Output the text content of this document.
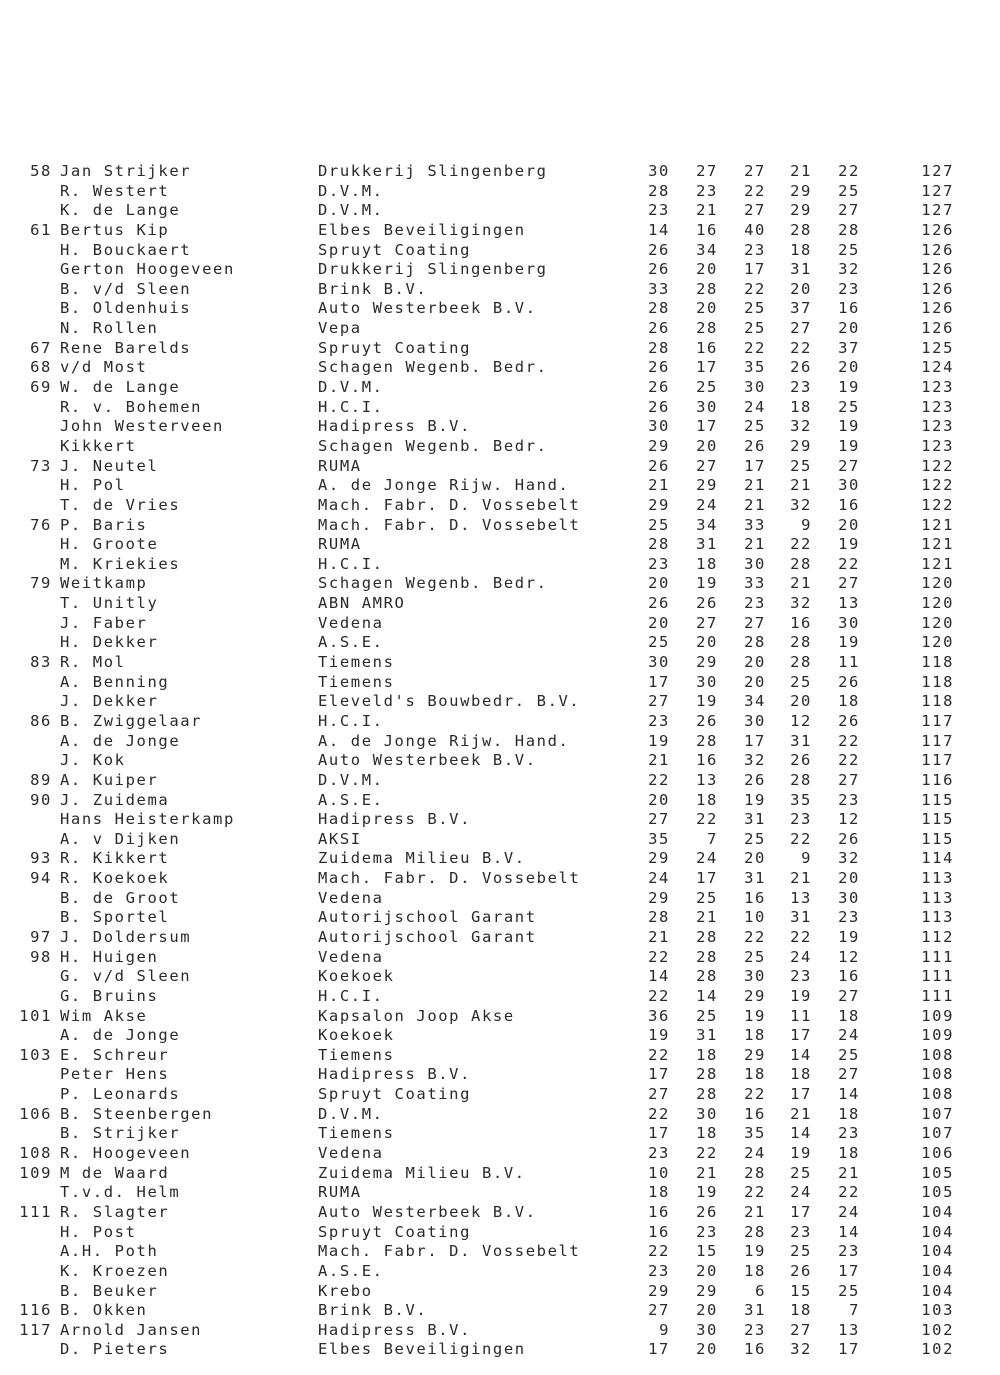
58 Jan Strijker	Drukkerij Slingenberg	30	27	27	21	22	127
R. Westert	D.V.M.	28	23	22	29	25	127
K. de Lange	D.V.M.	23	21	27	29	27	127
61 Bertus Kip	Elbes Beveiligingen	14	16	40	28	28	126
H. Bouckaert	Spruyt Coating	26	34	23	18	25	126
Gerton Hoogeveen	Drukkerij Slingenberg	26	20	17	31	32	126
B. v/d Sleen	Brink B.V.	33	28	22	20	23	126
B. Oldenhuis	Auto Westerbeek B.V.	28	20	25	37	16	126
N. Rollen	Vepa	26	28	25	27	20	126
67 Rene Barelds	Spruyt Coating	28	16	22	22	37	125
68 v/d Most	Schagen Wegenb. Bedr.	26	17	35	26	20	124
69 W. de Lange	D.V.M.	26	25	30	23	19	123
R. v. Bohemen	H.C.I.	26	30	24	18	25	123
John Westerveen	Hadipress B.V.	30	17	25	32	19	123
Kikkert	Schagen Wegenb. Bedr.	29	20	26	29	19	123
73 J. Neutel	RUMA	26	27	17	25	27	122
H. Pol	A. de Jonge Rijw. Hand.	21	29	21	21	30	122
T. de Vries	Mach. Fabr. D. Vossebelt	29	24	21	32	16	122
76 P. Baris	Mach. Fabr. D. Vossebelt	25	34	33	9	20	121
H. Groote	RUMA	28	31	21	22	19	121
M. Kriekies	H.C.I.	23	18	30	28	22	121
79 Weitkamp	Schagen Wegenb. Bedr.	20	19	33	21	27	120
T. Unitly	ABN AMRO	26	26	23	32	13	120
J. Faber	Vedena	20	27	27	16	30	120
H. Dekker	A.S.E.	25	20	28	28	19	120
83 R. Mol	Tiemens	30	29	20	28	11	118
A. Benning	Tiemens	17	30	20	25	26	118
J. Dekker	Eleveld's Bouwbedr. B.V.	27	19	34	20	18	118
86 B. Zwiggelaar	H.C.I.	23	26	30	12	26	117
A. de Jonge	A. de Jonge Rijw. Hand.	19	28	17	31	22	117
J. Kok	Auto Westerbeek B.V.	21	16	32	26	22	117
89 A. Kuiper	D.V.M.	22	13	26	28	27	116
90 J. Zuidema	A.S.E.	20	18	19	35	23	115
Hans Heisterkamp	Hadipress B.V.	27	22	31	23	12	115
A. v Dijken	AKSI	35	7	25	22	26	115
93 R. Kikkert	Zuidema Milieu B.V.	29	24	20	9	32	114
94 R. Koekoek	Mach. Fabr. D. Vossebelt	24	17	31	21	20	113
B. de Groot	Vedena	29	25	16	13	30	113
B. Sportel	Autorijschool Garant	28	21	10	31	23	113
97 J. Doldersum	Autorijschool Garant	21	28	22	22	19	112
98 H. Huigen	Vedena	22	28	25	24	12	111
G. v/d Sleen	Koekoek	14	28	30	23	16	111
G. Bruins	H.C.I.	22	14	29	19	27	111
101 Wim Akse	Kapsalon Joop Akse	36	25	19	11	18	109
A. de Jonge	Koekoek	19	31	18	17	24	109
103 E. Schreur	Tiemens	22	18	29	14	25	108
Peter Hens	Hadipress B.V.	17	28	18	18	27	108
P. Leonards	Spruyt Coating	27	28	22	17	14	108
106 B. Steenbergen	D.V.M.	22	30	16	21	18	107
B. Strijker	Tiemens	17	18	35	14	23	107
108 R. Hoogeveen	Vedena	23	22	24	19	18	106
109 M de Waard	Zuidema Milieu B.V.	10	21	28	25	21	105
T.v.d. Helm	RUMA	18	19	22	24	22	105
111 R. Slagter	Auto Westerbeek B.V.	16	26	21	17	24	104
H. Post	Spruyt Coating	16	23	28	23	14	104
A.H. Poth	Mach. Fabr. D. Vossebelt	22	15	19	25	23	104
K. Kroezen	A.S.E.	23	20	18	26	17	104
B. Beuker	Krebo	29	29	6	15	25	104
116 B. Okken	Brink B.V.	27	20	31	18	7	103
117 Arnold Jansen	Hadipress B.V.	9	30	23	27	13	102
D. Pieters	Elbes Beveiligingen	17	20	16	32	17	102
